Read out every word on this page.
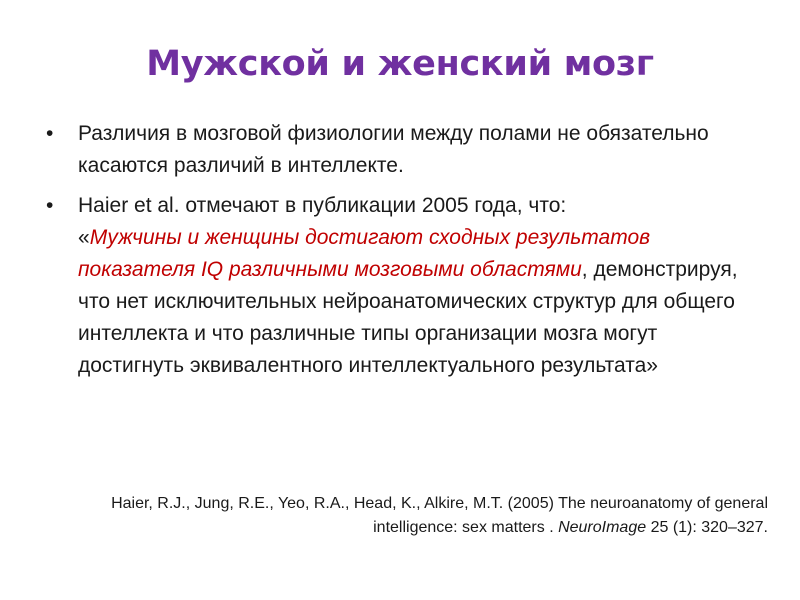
Мужской и женский мозг
• Различия в мозговой физиологии между полами не обязательно касаются различий в интеллекте.
• Haier et al. отмечают в публикации 2005 года, что:
«Мужчины и женщины достигают сходных результатов показателя IQ различными мозговыми областями, демонстрируя, что нет исключительных нейроанатомических структур для общего интеллекта и что различные типы организации мозга могут достигнуть эквивалентного интеллектуального результата»
Haier, R.J., Jung, R.E., Yeo, R.A., Head, K., Alkire, M.T. (2005) The neuroanatomy of general intelligence: sex matters . NeuroImage 25 (1): 320–327.
